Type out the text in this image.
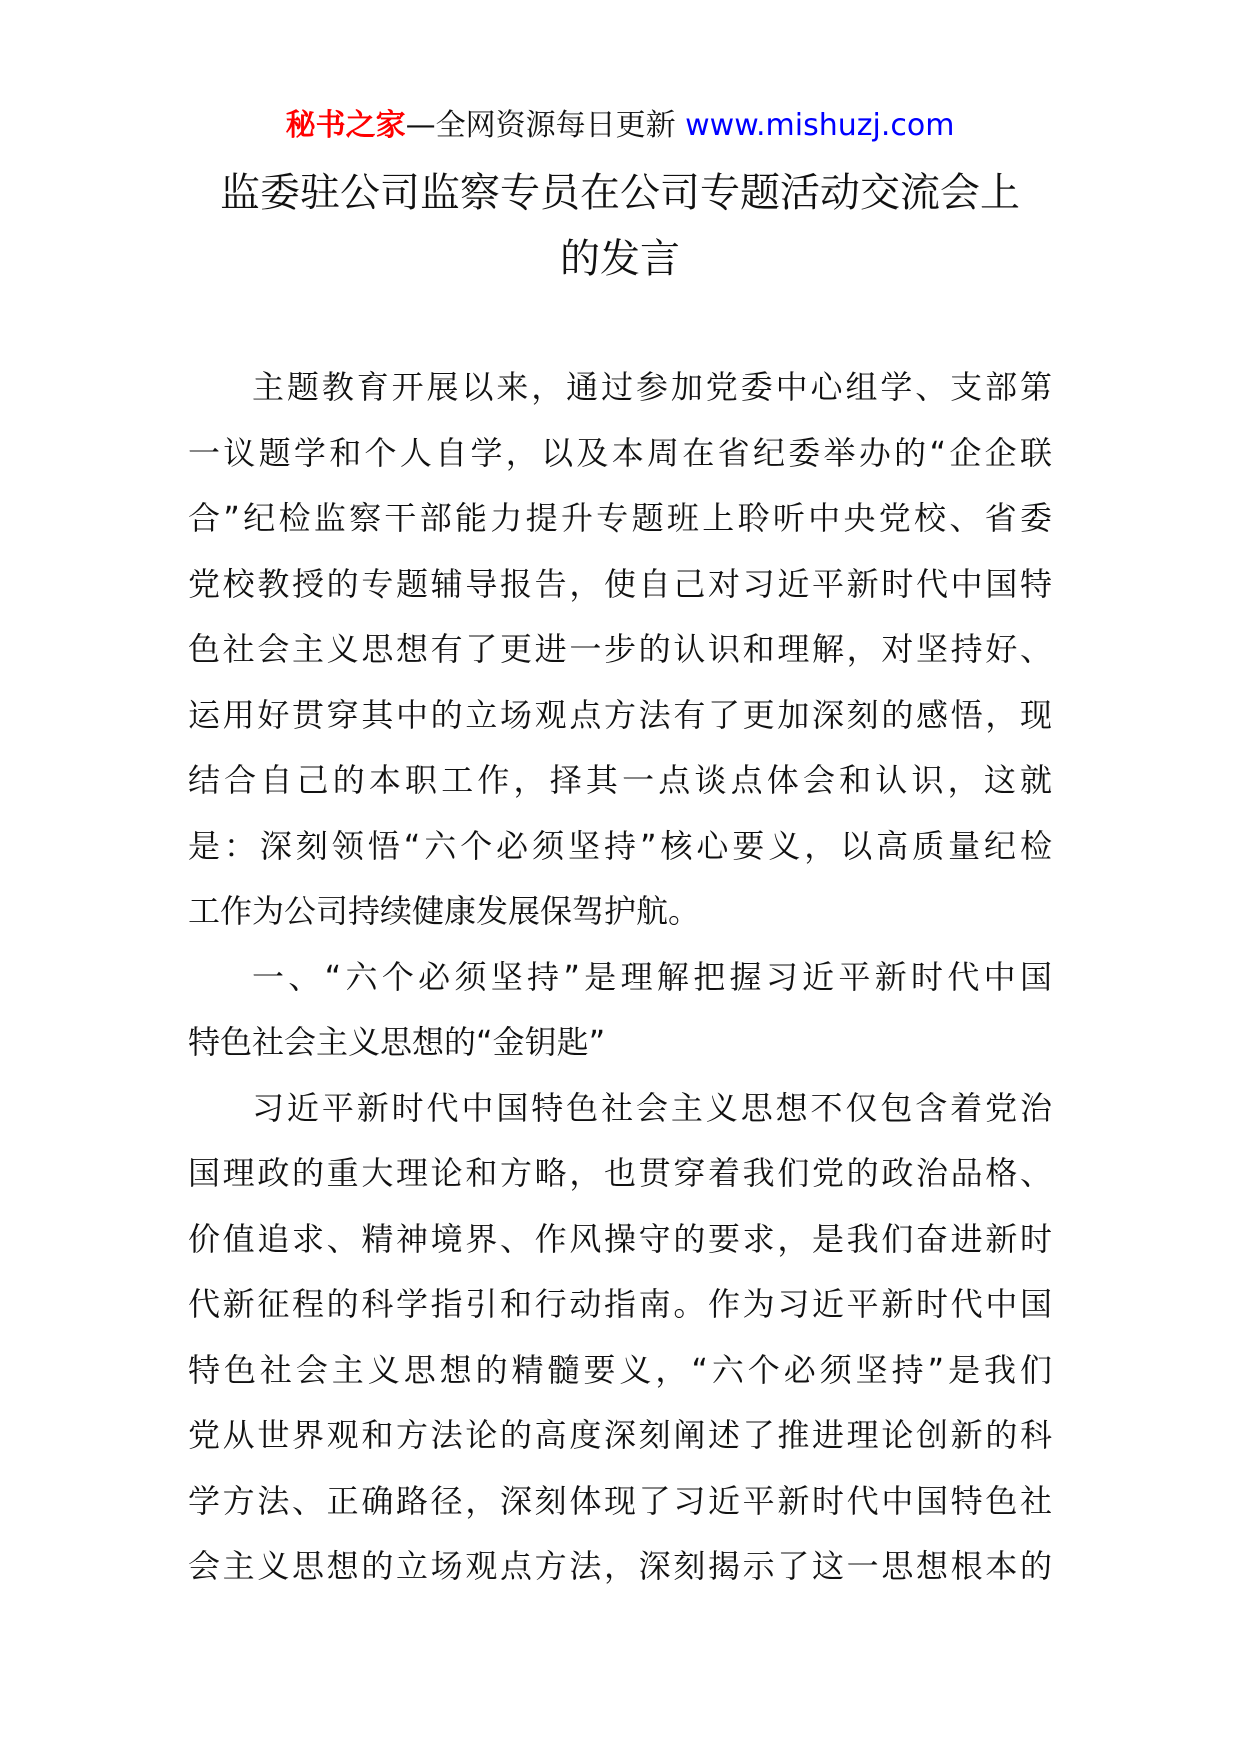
秘书之家—全网资源每日更新 www.mishuzj.com
监委驻公司监察专员在公司专题活动交流会上
的发言
主题教育开展以来，通过参加党委中心组学、支部第
一议题学和个人自学，以及本周在省纪委举办的“企企联
合”纪检监察干部能力提升专题班上聆听中央党校、省委
党校教授的专题辅导报告，使自己对习近平新时代中国特
色社会主义思想有了更进一步的认识和理解，对坚持好、
运用好贯穿其中的立场观点方法有了更加深刻的感悟，现
结合自己的本职工作，择其一点谈点体会和认识，这就
是：深刻领悟“六个必须坚持”核心要义，以高质量纪检
工作为公司持续健康发展保驾护航。
一、“六个必须坚持”是理解把握习近平新时代中国
特色社会主义思想的“金钥匙”
习近平新时代中国特色社会主义思想不仅包含着党治
国理政的重大理论和方略，也贯穿着我们党的政治品格、
价值追求、精神境界、作风操守的要求，是我们奋进新时
代新征程的科学指引和行动指南。作为习近平新时代中国
特色社会主义思想的精髓要义，“六个必须坚持”是我们
党从世界观和方法论的高度深刻阐述了推进理论创新的科
学方法、正确路径，深刻体现了习近平新时代中国特色社
会主义思想的立场观点方法，深刻揭示了这一思想根本的
